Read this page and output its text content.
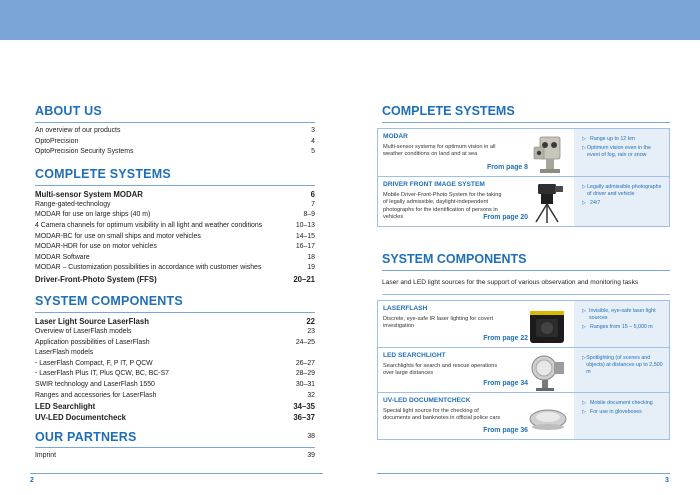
ABOUT US
An overview of our products	3
OptoPrecision	4
OptoPrecision Security Systems	5
COMPLETE SYSTEMS
Multi-sensor System MODAR	6
Range-gated-technology	7
MODAR for use on large ships (40 m)	8–9
4 Camera channels for optimum visibility in all light and weather conditions	10–13
MODAR-BC for use on small ships and motor vehicles	14–15
MODAR-HDR for use on motor vehicles	16–17
MODAR Software	18
MODAR – Customization possibilities in accordance with customer wishes	19
Driver-Front-Photo System (FFS)	20–21
SYSTEM COMPONENTS
Laser Light Source LaserFlash	22
Overview of LaserFlash models	23
Application possibilities of LaserFlash	24–25
LaserFlash models
- LaserFlash Compact, F, P IT, P QCW	26–27
- LaserFlash Plus IT, Plus QCW, BC, BC-S7	28–29
SWIR technology and LaserFlash 1550	30–31
Ranges and accessories for LaserFlash	32
LED Searchlight	34–35
UV-LED Documentcheck	36–37
OUR PARTNERS	38
Imprint	39
2
COMPLETE SYSTEMS
MODAR
Multi-sensor systems for optimum vision in all weather conditions on land and at sea
From page 8
▷ Range up to 12 km
▷ Optimum vision even in the event of fog, rain or snow
DRIVER FRONT IMAGE SYSTEM
Mobile Driver-Front-Photo System for the taking of legally admissible, daylight-independent photographs for the identification of persons in vehicles	From page 20
▷ Legally admissible photographs of driver and vehicle
▷ 24/7
SYSTEM COMPONENTS
Laser and LED light sources for the support of various observation and monitoring tasks
LASERFLASH
Discrete, eye-safe IR laser lighting for covert investigation
From page 22
▷ Invisible, eye-safe laser light sources
▷ Ranges from 15 – 5,000 m
LED SEARCHLIGHT
Searchlights for search and rescue operations over large distances
From page 34
▷ Spotlighting (of scenes and objects) at distances up to 2,500 m
UV-LED DOCUMENTCHECK
Special light source for the checking of documents and banknotes in official police cars
From page 36
▷ Mobile document checking
▷ For use in gloveboxes
3
